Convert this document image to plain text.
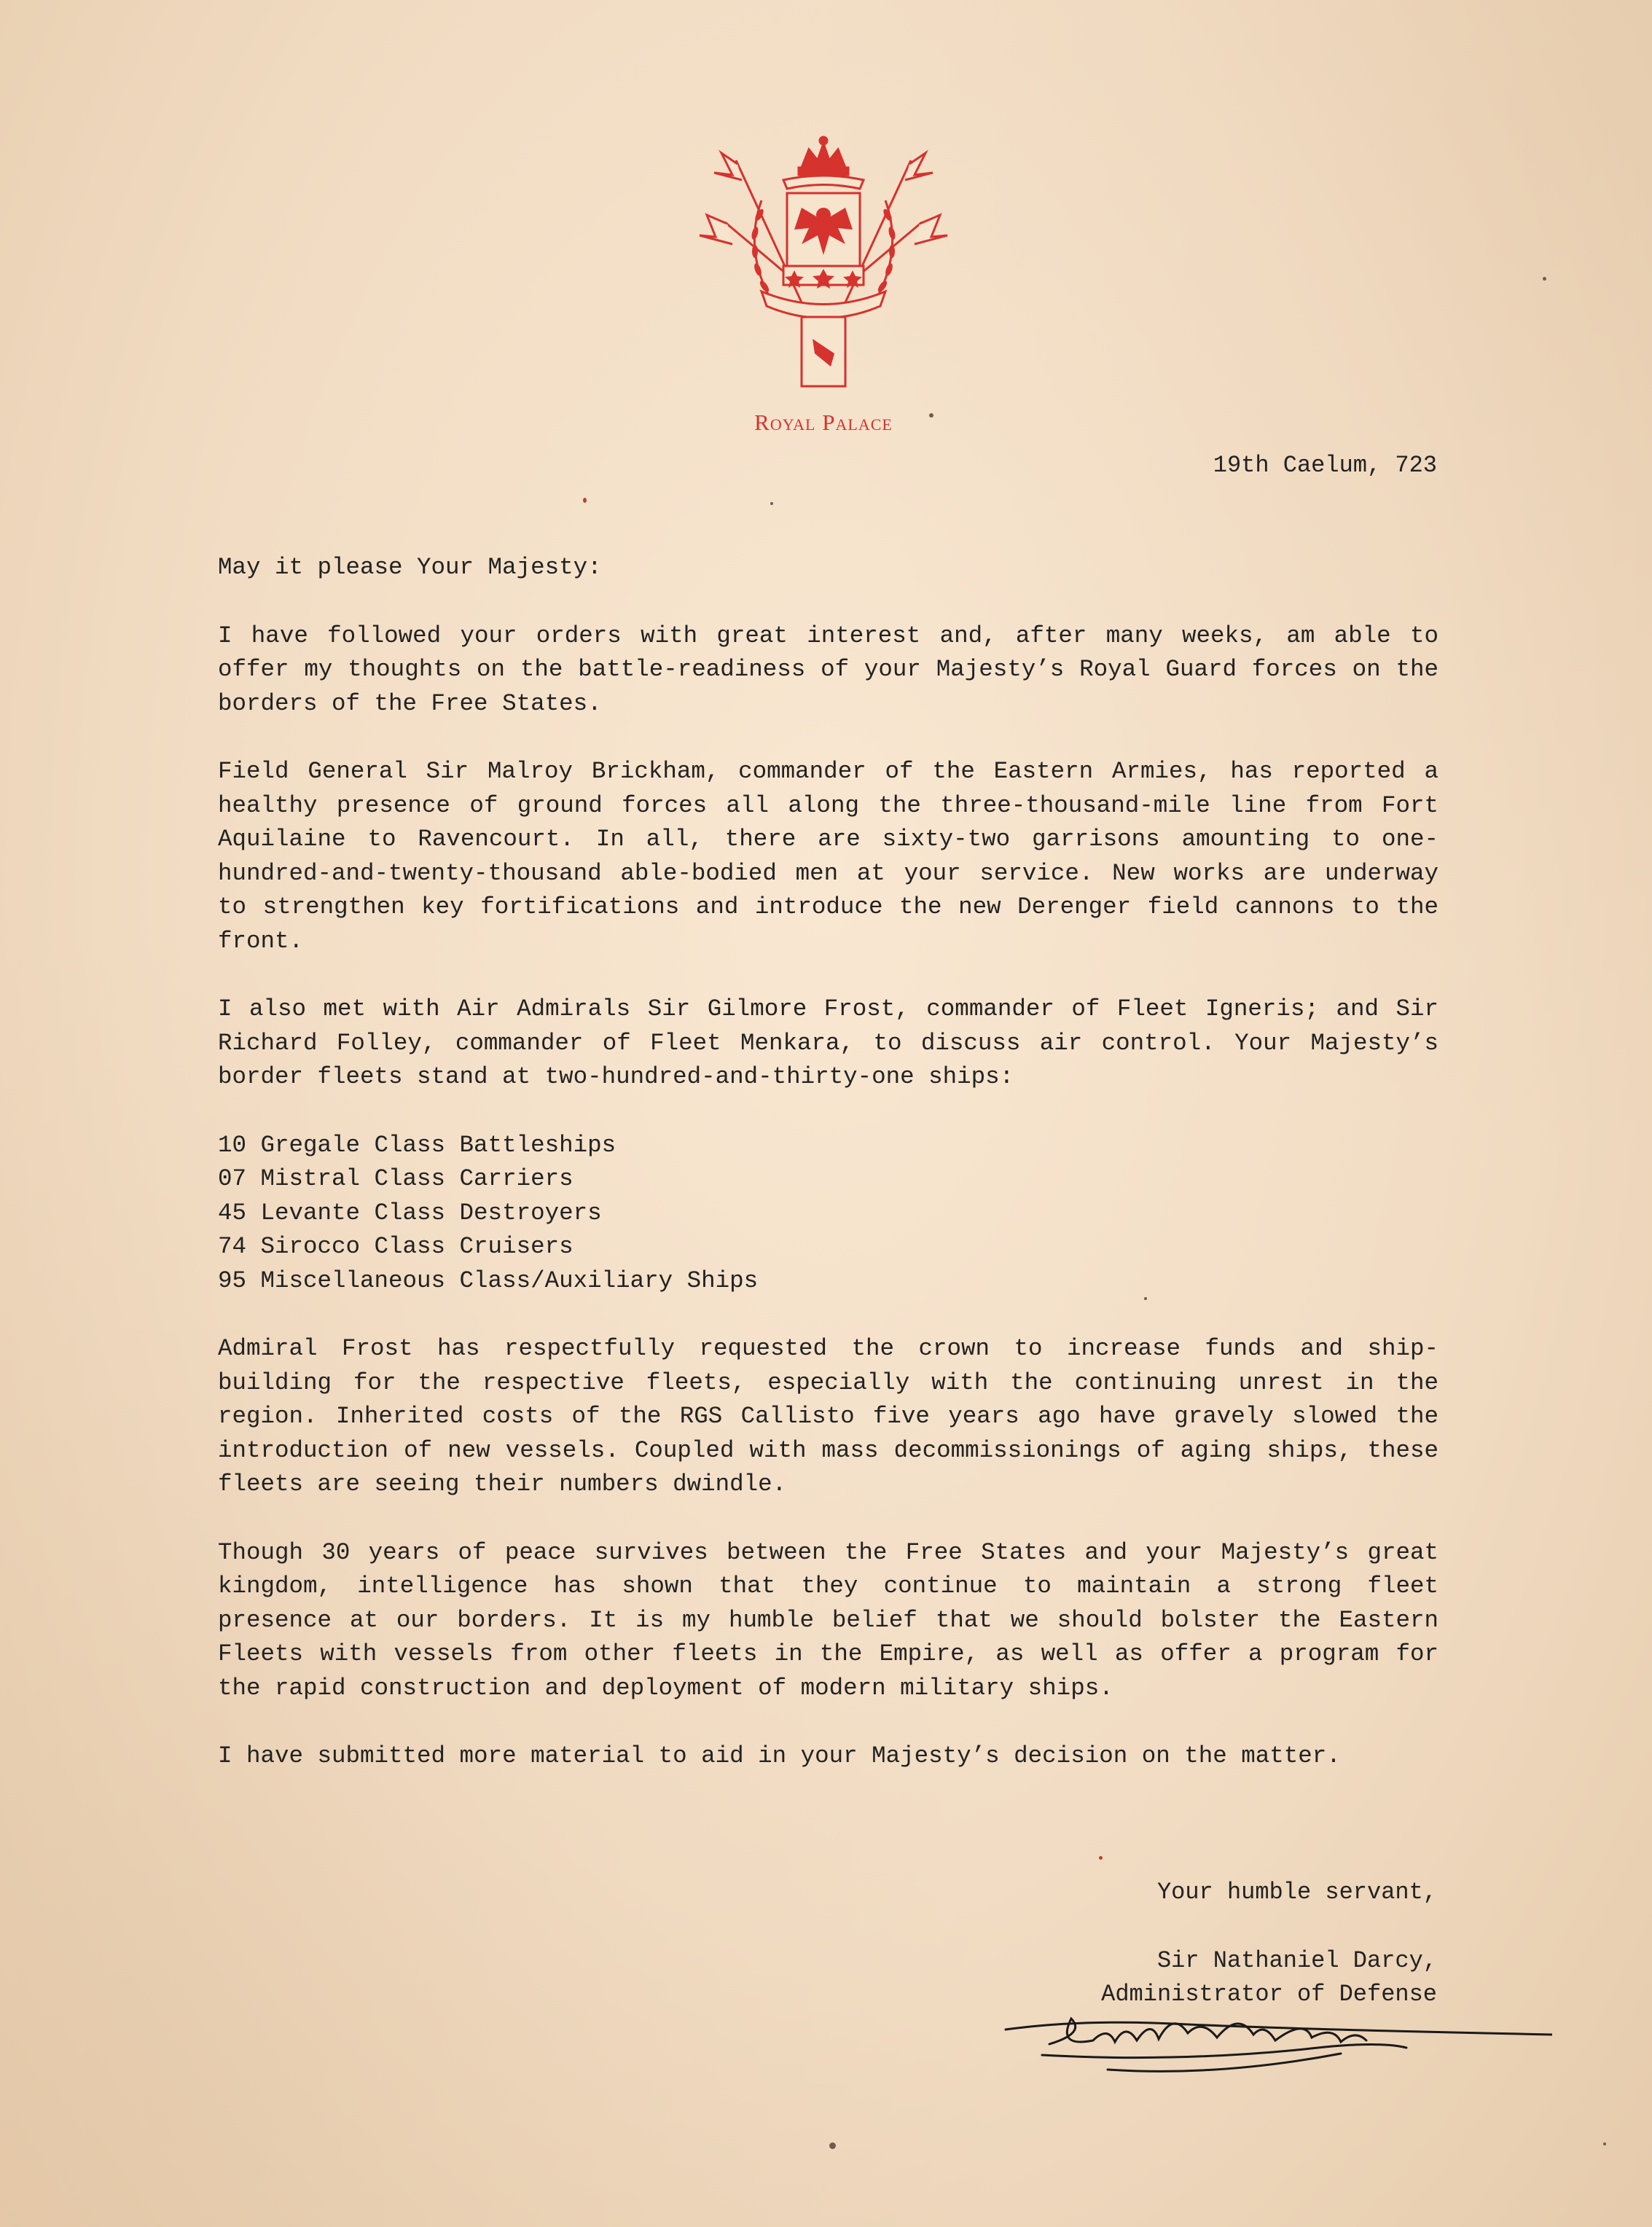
Royal Palace
19th Caelum, 723

May it please Your Majesty:

I have followed your orders with great interest and, after many weeks, am able to offer my thoughts on the battle-readiness of your Majesty’s Royal Guard forces on the borders of the Free States.

Field General Sir Malroy Brickham, commander of the Eastern Armies, has reported a healthy presence of ground forces all along the three-thousand-mile line from Fort Aquilaine to Ravencourt. In all, there are sixty-two garrisons amounting to one-hundred-and-twenty-thousand able-bodied men at your service. New works are underway to strengthen key fortifications and introduce the new Derenger field cannons to the front.

I also met with Air Admirals Sir Gilmore Frost, commander of Fleet Igneris; and Sir Richard Folley, commander of Fleet Menkara, to discuss air control. Your Majesty’s border fleets stand at two-hundred-and-thirty-one ships:

10 Gregale Class Battleships
07 Mistral Class Carriers
45 Levante Class Destroyers
74 Sirocco Class Cruisers
95 Miscellaneous Class/Auxiliary Ships

Admiral Frost has respectfully requested the crown to increase funds and ship-building for the respective fleets, especially with the continuing unrest in the region. Inherited costs of the RGS Callisto five years ago have gravely slowed the introduction of new vessels. Coupled with mass decommissionings of aging ships, these fleets are seeing their numbers dwindle.

Though 30 years of peace survives between the Free States and your Majesty’s great kingdom, intelligence has shown that they continue to maintain a strong fleet presence at our borders. It is my humble belief that we should bolster the Eastern Fleets with vessels from other fleets in the Empire, as well as offer a program for the rapid construction and deployment of modern military ships.

I have submitted more material to aid in your Majesty’s decision on the matter.

Your humble servant,
Sir Nathaniel Darcy,
Administrator of Defense
